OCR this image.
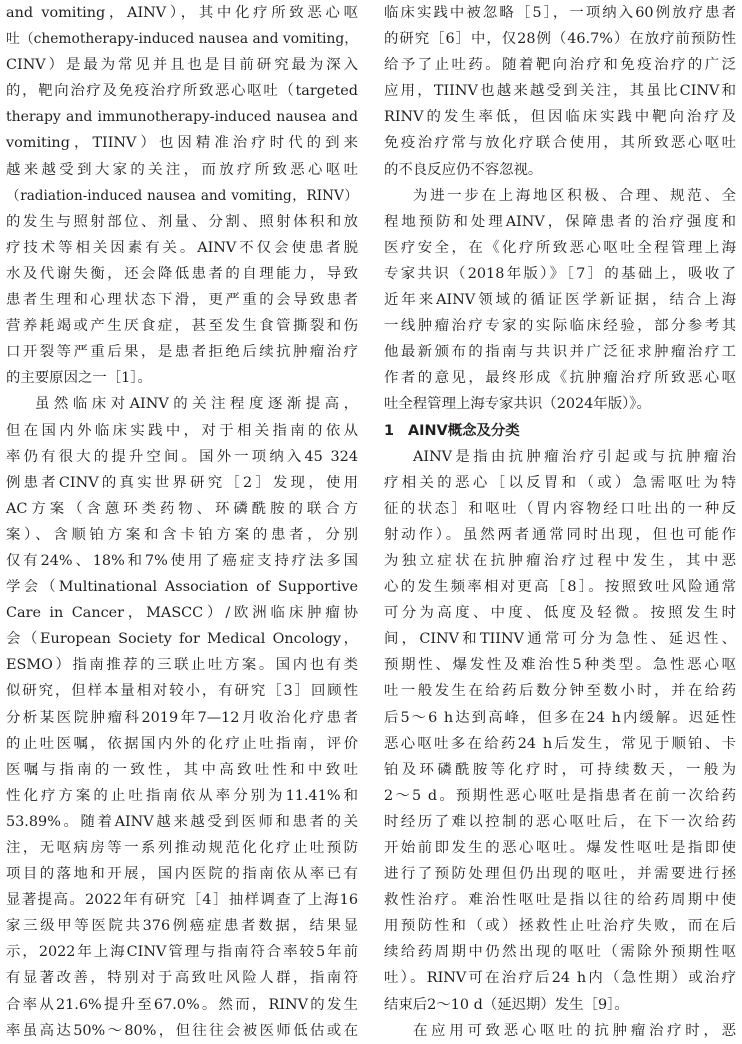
and vomiting，AINV），其中化疗所致恶心呕
吐（chemotherapy-induced nausea and vomiting，
CINV）是最为常见并且也是目前研究最为深入
的，靶向治疗及免疫治疗所致恶心呕吐（targeted
therapy and immunotherapy-induced nausea and
vomiting，TIINV）也因精准治疗时代的到来
越来越受到大家的关注，而放疗所致恶心呕吐
（radiation-induced nausea and vomiting，RINV）
的发生与照射部位、剂量、分割、照射体积和放
疗技术等相关因素有关。AINV不仅会使患者脱
水及代谢失衡，还会降低患者的自理能力，导致
患者生理和心理状态下滑，更严重的会导致患者
营养耗竭或产生厌食症，甚至发生食管撕裂和伤
口开裂等严重后果，是患者拒绝后续抗肿瘤治疗
的主要原因之一［1］。
虽然临床对AINV的关注程度逐渐提高，
但在国内外临床实践中，对于相关指南的依从
率仍有很大的提升空间。国外一项纳入45 324
例患者CINV的真实世界研究［2］发现，使用
AC方案（含蒽环类药物、环磷酰胺的联合方
案）、含顺铂方案和含卡铂方案的患者，分别
仅有24%、18%和7%使用了癌症支持疗法多国
学会（Multinational Association of Supportive
Care in Cancer，MASCC）/欧洲临床肿瘤协
会（European Society for Medical Oncology，
ESMO）指南推荐的三联止吐方案。国内也有类
似研究，但样本量相对较小，有研究［3］回顾性
分析某医院肿瘤科2019年7—12月收治化疗患者
的止吐医嘱，依据国内外的化疗止吐指南，评价
医嘱与指南的一致性，其中高致吐性和中致吐
性化疗方案的止吐指南依从率分别为11.41%和
53.89%。随着AINV越来越受到医师和患者的关
注，无呕病房等一系列推动规范化化疗止吐预防
项目的落地和开展，国内医院的指南依从率已有
显著提高。2022年有研究［4］抽样调查了上海16
家三级甲等医院共376例癌症患者数据，结果显
示，2022年上海CINV管理与指南符合率较5年前
有显著改善，特别对于高致吐风险人群，指南符
合率从21.6%提升至67.0%。然而，RINV的发生
率虽高达50%～80%，但往往会被医师低估或在
临床实践中被忽略［5］，一项纳入60例放疗患者
的研究［6］中，仅28例（46.7%）在放疗前预防性
给予了止吐药。随着靶向治疗和免疫治疗的广泛
应用，TIINV也越来越受到关注，其虽比CINV和
RINV的发生率低，但因临床实践中靶向治疗及
免疫治疗常与放化疗联合使用，其所致恶心呕吐
的不良反应仍不容忽视。
为进一步在上海地区积极、合理、规范、全
程地预防和处理AINV，保障患者的治疗强度和
医疗安全，在《化疗所致恶心呕吐全程管理上海
专家共识（2018年版）》［7］的基础上，吸收了
近年来AINV领域的循证医学新证据，结合上海
一线肿瘤治疗专家的实际临床经验，部分参考其
他最新颁布的指南与共识并广泛征求肿瘤治疗工
作者的意见，最终形成《抗肿瘤治疗所致恶心呕
吐全程管理上海专家共识（2024年版）》。
1 AINV概念及分类
AINV是指由抗肿瘤治疗引起或与抗肿瘤治
疗相关的恶心［以反胃和（或）急需呕吐为特
征的状态］和呕吐（胃内容物经口吐出的一种反
射动作）。虽然两者通常同时出现，但也可能作
为独立症状在抗肿瘤治疗过程中发生，其中恶
心的发生频率相对更高［8］。按照致吐风险通常
可分为高度、中度、低度及轻微。按照发生时
间，CINV和TIINV通常可分为急性、延迟性、
预期性、爆发性及难治性5种类型。急性恶心呕
吐一般发生在给药后数分钟至数小时，并在给药
后5～6 h达到高峰，但多在24 h内缓解。迟延性
恶心呕吐多在给药24 h后发生，常见于顺铂、卡
铂及环磷酰胺等化疗时，可持续数天，一般为
2～5 d。预期性恶心呕吐是指患者在前一次给药
时经历了难以控制的恶心呕吐后，在下一次给药
开始前即发生的恶心呕吐。爆发性呕吐是指即使
进行了预防处理但仍出现的呕吐，并需要进行拯
救性治疗。难治性呕吐是指以往的给药周期中使
用预防性和（或）拯救性止吐治疗失败，而在后
续给药周期中仍然出现的呕吐（需除外预期性呕
吐）。RINV可在治疗后24 h内（急性期）或治疗
结束后2～10 d（延迟期）发生［9］。
在应用可致恶心呕吐的抗肿瘤治疗时，恶
